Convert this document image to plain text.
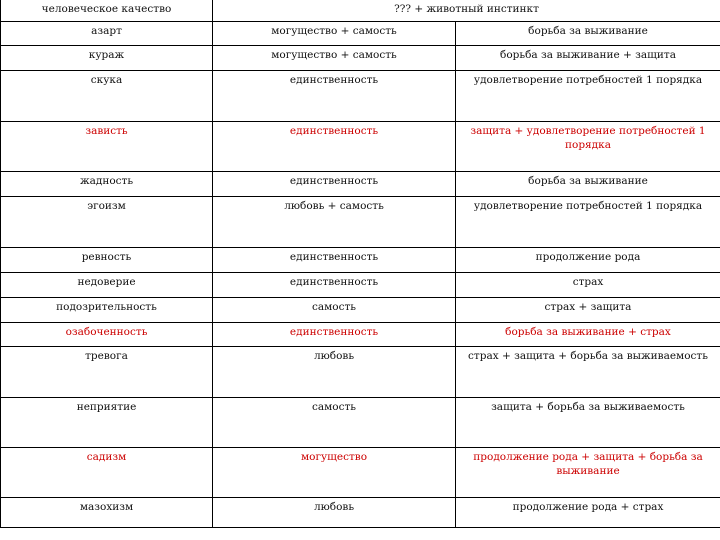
человеческое качество	??? + животный инстинкт	
азарт	могущество + самость	борьба за выживание
кураж	могущество + самость	борьба за выживание + защита
скука	единственность	удовлетворение потребностей 1 порядка
зависть	единственность	защита + удовлетворение потребностей 1 порядка
жадность	единственность	борьба за выживание
эгоизм	любовь + самость	удовлетворение потребностей 1 порядка
ревность	единственность	продолжение рода
недоверие	единственность	страх
подозрительность	самость	страх + защита
озабоченность	единственность	борьба за выживание + страх
тревога	любовь	страх + защита + борьба за выживаемость
неприятие	самость	защита + борьба за выживаемость
садизм	могущество	продолжение рода + защита + борьба за выживание
мазохизм	любовь	продолжение рода + страх
